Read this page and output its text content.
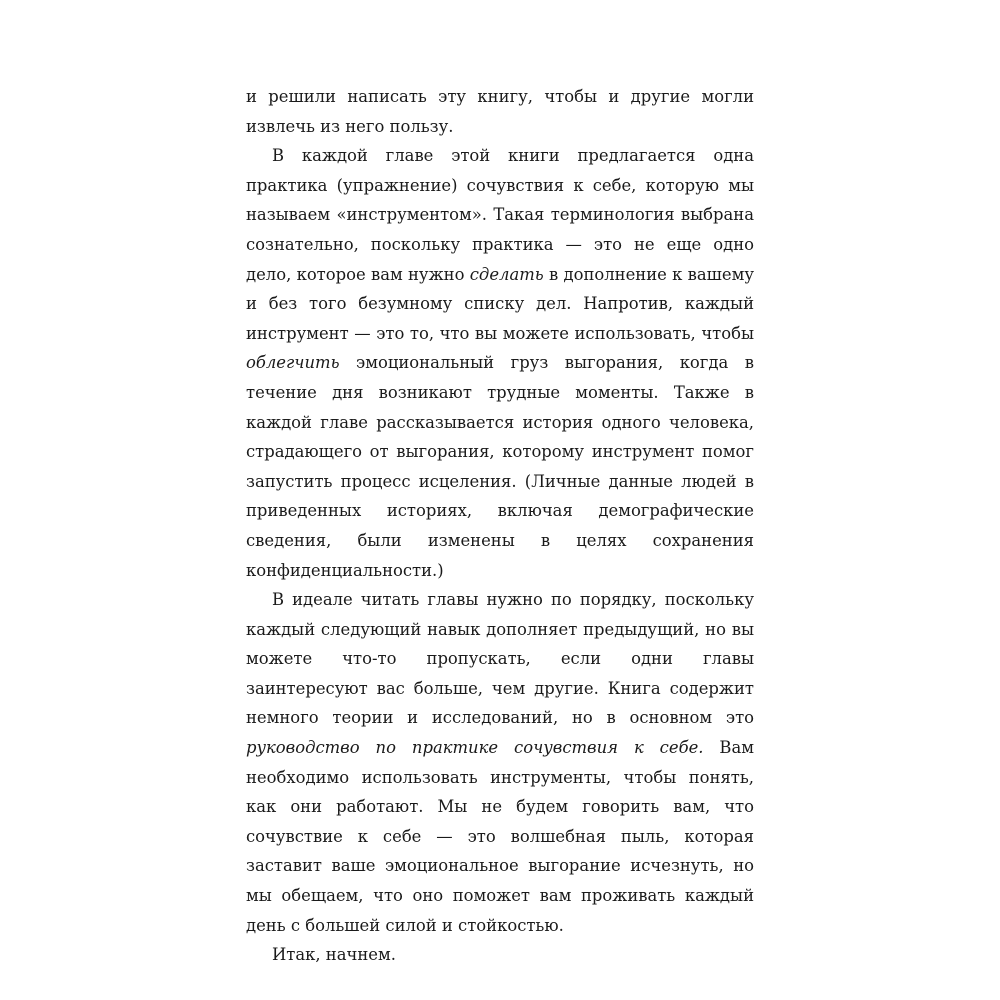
и решили написать эту книгу, чтобы и другие могли извлечь из него пользу.

В каждой главе этой книги предлагается одна практика (упражнение) сочувствия к себе, которую мы называем «инструментом». Такая терминология выбрана сознательно, поскольку практика — это не еще одно дело, которое вам нужно сделать в дополнение к вашему и без того безумному списку дел. Напротив, каждый инструмент — это то, что вы можете использовать, чтобы облегчить эмоциональный груз выгорания, когда в течение дня возникают трудные моменты. Также в каждой главе рассказывается история одного человека, страдающего от выгорания, которому инструмент помог запустить процесс исцеления. (Личные данные людей в приведенных историях, включая демографические сведения, были изменены в целях сохранения конфиденциальности.)

В идеале читать главы нужно по порядку, поскольку каждый следующий навык дополняет предыдущий, но вы можете что-то пропускать, если одни главы заинтересуют вас больше, чем другие. Книга содержит немного теории и исследований, но в основном это руководство по практике сочувствия к себе. Вам необходимо использовать инструменты, чтобы понять, как они работают. Мы не будем говорить вам, что сочувствие к себе — это волшебная пыль, которая заставит ваше эмоциональное выгорание исчезнуть, но мы обещаем, что оно поможет вам проживать каждый день с большей силой и стойкостью.

Итак, начнем.
